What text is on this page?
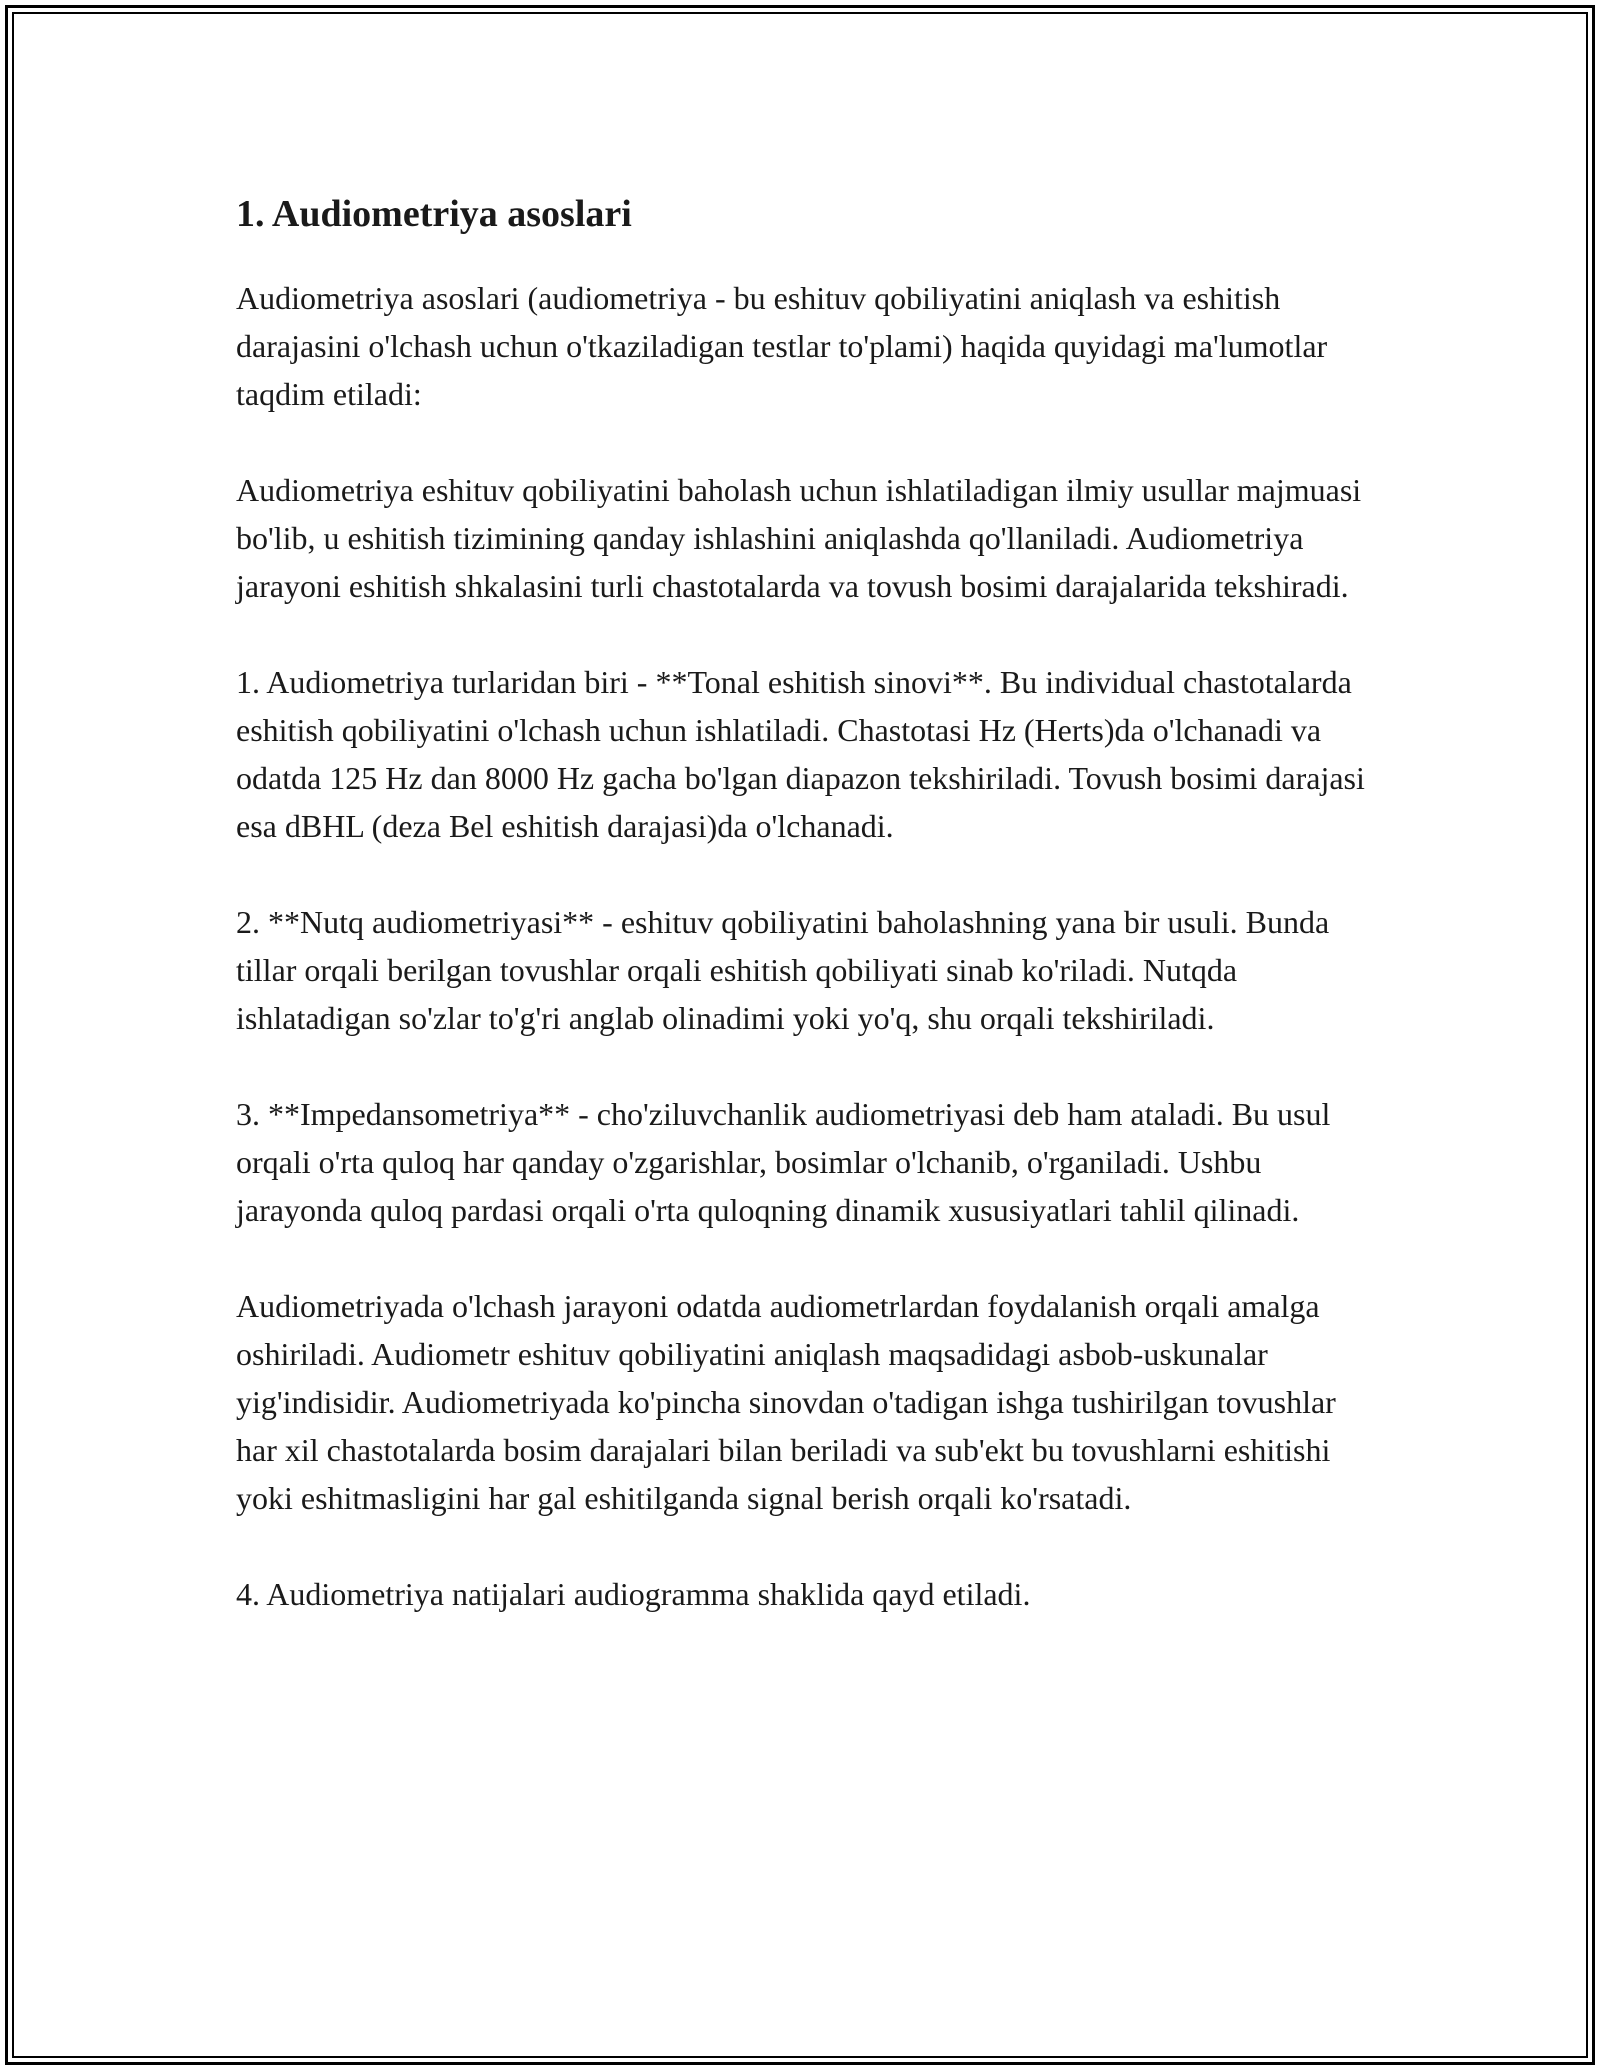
1. Audiometriya asoslari

Audiometriya asoslari (audiometriya - bu eshituv qobiliyatini aniqlash va eshitish darajasini o'lchash uchun o'tkaziladigan testlar to'plami) haqida quyidagi ma'lumotlar taqdim etiladi:

Audiometriya eshituv qobiliyatini baholash uchun ishlatiladigan ilmiy usullar majmuasi bo'lib, u eshitish tizimining qanday ishlashini aniqlashda qo'llaniladi. Audiometriya jarayoni eshitish shkalasini turli chastotalarda va tovush bosimi darajalarida tekshiradi.

1. Audiometriya turlaridan biri - **Tonal eshitish sinovi**. Bu individual chastotalarda eshitish qobiliyatini o'lchash uchun ishlatiladi. Chastotasi Hz (Herts)da o'lchanadi va odatda 125 Hz dan 8000 Hz gacha bo'lgan diapazon tekshiriladi. Tovush bosimi darajasi esa dBHL (deza Bel eshitish darajasi)da o'lchanadi.

2. **Nutq audiometriyasi** - eshituv qobiliyatini baholashning yana bir usuli. Bunda tillar orqali berilgan tovushlar orqali eshitish qobiliyati sinab ko'riladi. Nutqda ishlatadigan so'zlar to'g'ri anglab olinadimi yoki yo'q, shu orqali tekshiriladi.

3. **Impedansometriya** - cho'ziluvchanlik audiometriyasi deb ham ataladi. Bu usul orqali o'rta quloq har qanday o'zgarishlar, bosimlar o'lchanib, o'rganiladi. Ushbu jarayonda quloq pardasi orqali o'rta quloqning dinamik xususiyatlari tahlil qilinadi.

Audiometriyada o'lchash jarayoni odatda audiometrlardan foydalanish orqali amalga oshiriladi. Audiometr eshituv qobiliyatini aniqlash maqsadidagi asbob-uskunalar yig'indisidir. Audiometriyada ko'pincha sinovdan o'tadigan ishga tushirilgan tovushlar har xil chastotalarda bosim darajalari bilan beriladi va sub'ekt bu tovushlarni eshitishi yoki eshitmasligini har gal eshitilganda signal berish orqali ko'rsatadi.

4. Audiometriya natijalari audiogramma shaklida qayd etiladi.
